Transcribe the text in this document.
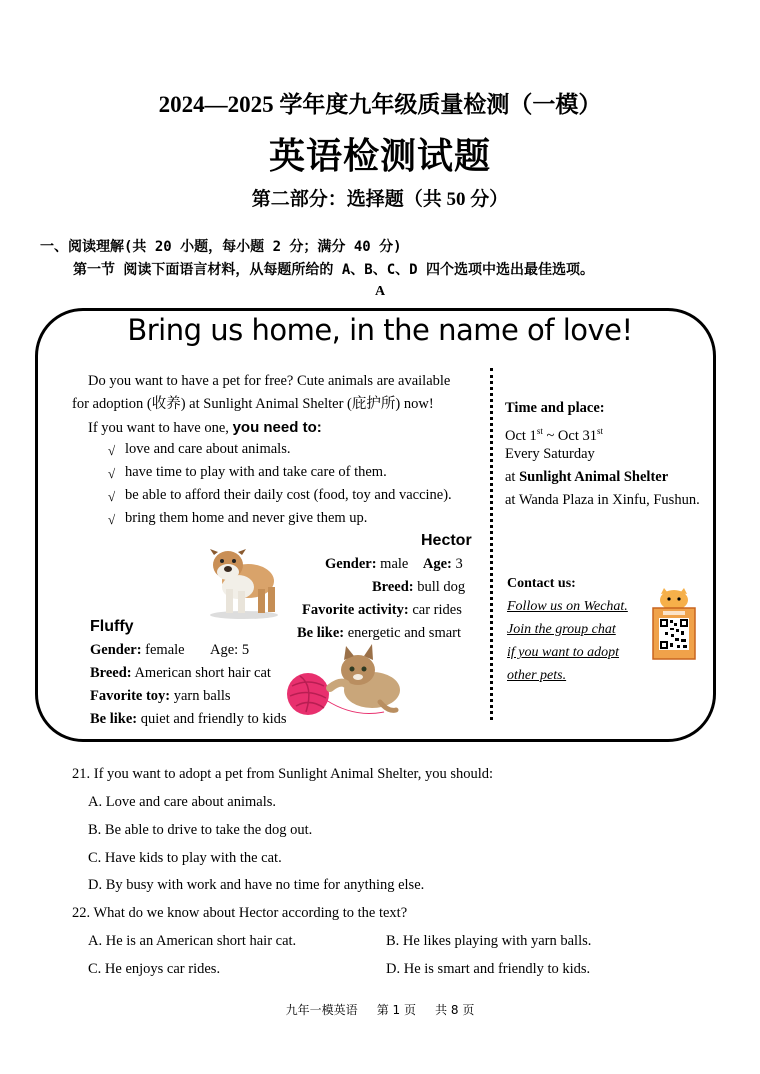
2024—2025 学年度九年级质量检测（一模）
英语检测试题
第二部分：选择题（共 50 分）
一、阅读理解(共 20 小题，每小题 2 分；满分 40 分)
第一节 阅读下面语言材料，从每题所给的 A、B、C、D 四个选项中选出最佳选项。
A
Bring us home, in the name of love!
Do you want to have a pet for free? Cute animals are available
for adoption (收养) at Sunlight Animal Shelter (庇护所) now!
If you want to have one, you need to:
√ love and care about animals.
√ have time to play with and take care of them.
√ be able to afford their daily cost (food, toy and vaccine).
√ bring them home and never give them up.
Time and place:
Oct 1st ~ Oct 31st
Every Saturday
at Sunlight Animal Shelter
at Wanda Plaza in Xinfu, Fushun.
Contact us:
Follow us on Wechat.
Join the group chat
if you want to adopt
other pets.
Hector
Gender: male Age: 3
Breed: bull dog
Favorite activity: car rides
Be like: energetic and smart
Fluffy
Gender: female Age: 5
Breed: American short hair cat
Favorite toy: yarn balls
Be like: quiet and friendly to kids
21. If you want to adopt a pet from Sunlight Animal Shelter, you should:
A. Love and care about animals.
B. Be able to drive to take the dog out.
C. Have kids to play with the cat.
D. By busy with work and have no time for anything else.
22. What do we know about Hector according to the text?
A. He is an American short hair cat.	B. He likes playing with yarn balls.
C. He enjoys car rides.	D. He is smart and friendly to kids.
九年一模英语     第 1 页     共 8 页
